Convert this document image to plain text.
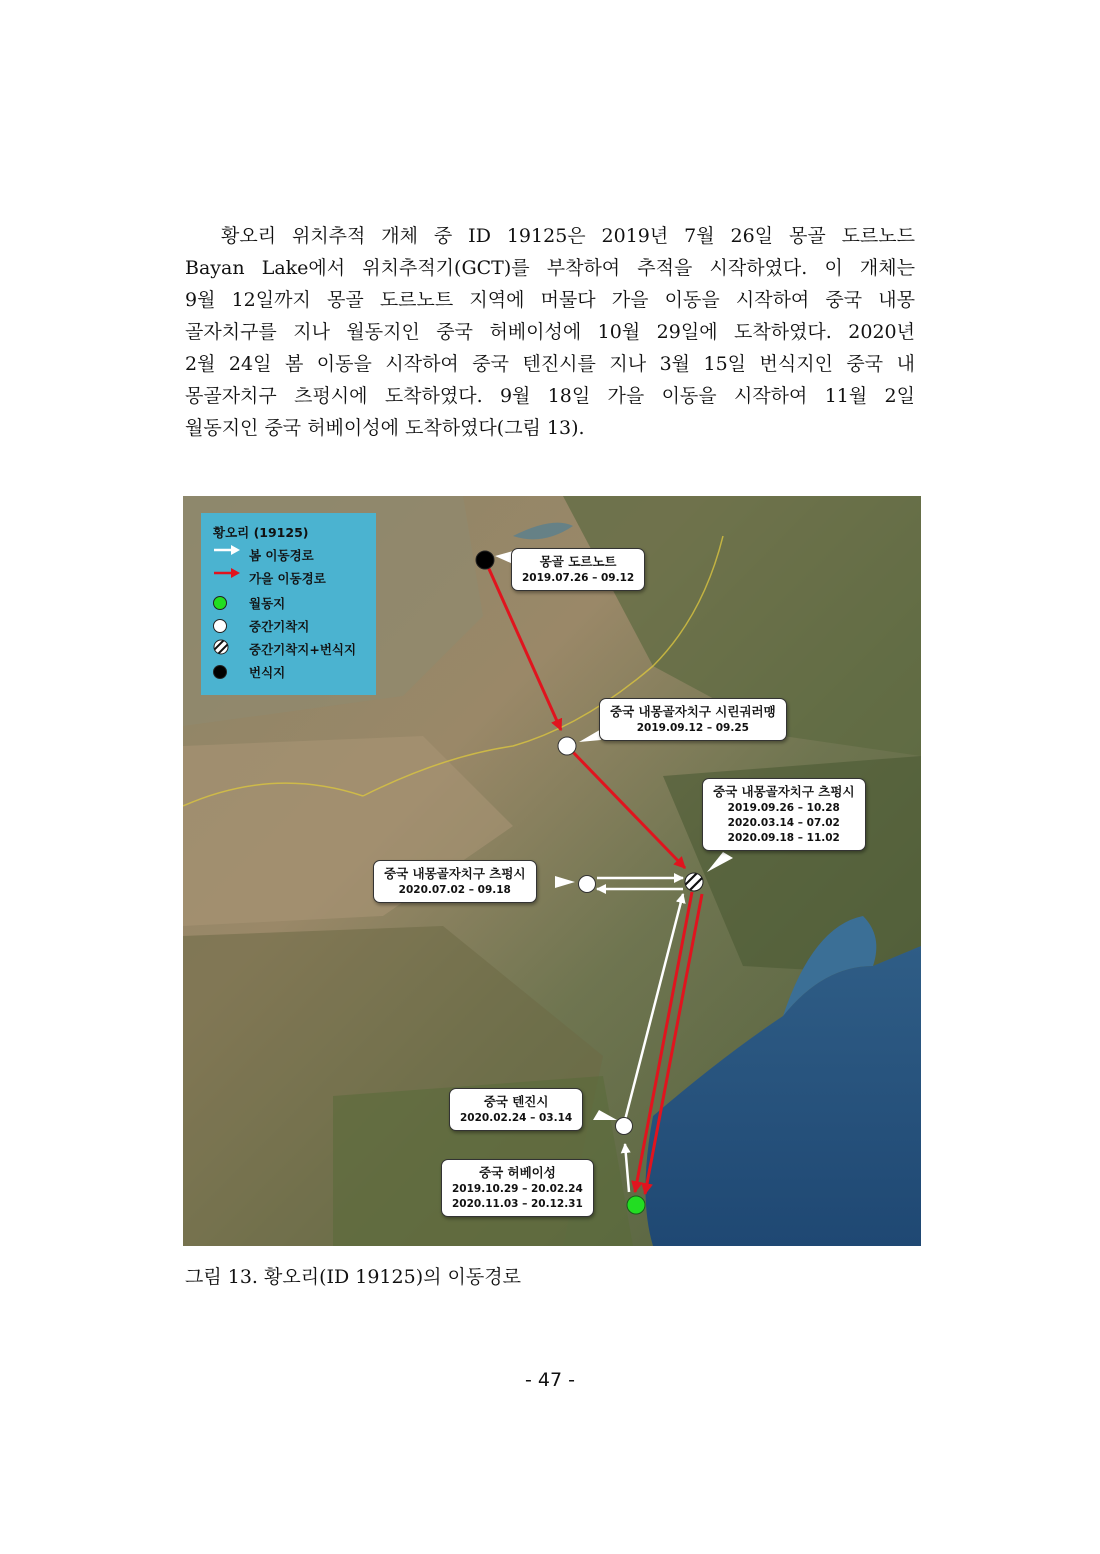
황오리 위치추적 개체 중 ID 19125은 2019년 7월 26일 몽골 도르노드
Bayan Lake에서 위치추적기(GCT)를 부착하여 추적을 시작하였다. 이 개체는
9월 12일까지 몽골 도르노트 지역에 머물다 가을 이동을 시작하여 중국 내몽
골자치구를 지나 월동지인 중국 허베이성에 10월 29일에 도착하였다. 2020년
2월 24일 봄 이동을 시작하여 중국 텐진시를 지나 3월 15일 번식지인 중국 내
몽골자치구 츠펑시에 도착하였다. 9월 18일 가을 이동을 시작하여 11월 2일
월동지인 중국 허베이성에 도착하였다(그림 13).
황오리 (19125)
봄 이동경로
가을 이동경로
월동지
중간기착지
중간기착지+번식지
번식지
몽골 도르노트
2019.07.26 – 09.12
중국 내몽골자치구 시린궈러맹
2019.09.12 – 09.25
중국 내몽골자치구 츠펑시
2019.09.26 – 10.28
2020.03.14 – 07.02
2020.09.18 – 11.02
중국 내몽골자치구 츠펑시
2020.07.02 – 09.18
중국 텐진시
2020.02.24 – 03.14
중국 허베이성
2019.10.29 – 20.02.24
2020.11.03 – 20.12.31

그림 13. 황오리(ID 19125)의 이동경로

- 47 -
